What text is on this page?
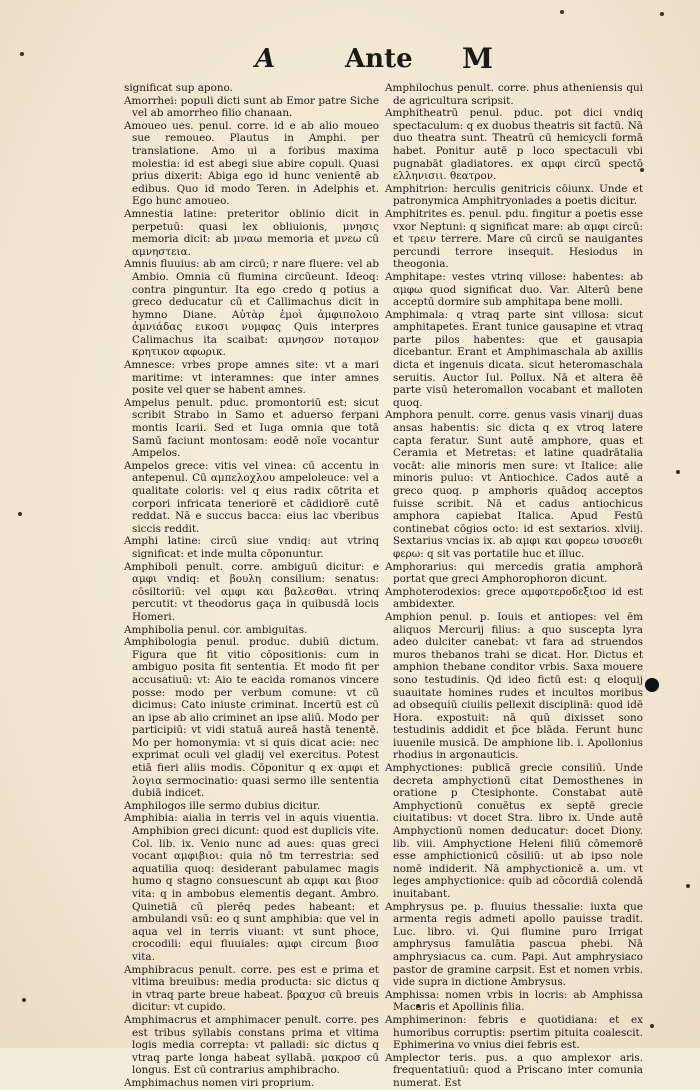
A	Ante M

significat sup apono.

Amorrhei: populi dicti sunt ab Emor patre Siche vel ab amorrheo filio chanaan.

Amoueo ues. penul. corre. id e ab alio moueo sue remoueo. Plautus in Amphi. per translatione. Amo ui a foribus maxima molestia: id est abegi siue abire copuli. Quasi prius dixerit: Abiga ego id hunc venientē ab edibus. Quo id modo Teren. in Adelphis et. Ego hunc amoueo.

Amnestia latine: preteritor oblinio dicit in perpetuū: quasi lex obliuionis, μνησις memoria dicit: ab μναω memoria et μνεω cū αμνηστεια.

Amnis fluuius: ab am circū; r nare fluere: vel ab Ambio. Omnia cū flumina circūeunt. Ideoq: contra pinguntur. Ita ego credo q potius a greco deducatur cū et Callimachus dicit in hymno Diane. Αὐτὰρ ἐμοὶ ἀμφιπολοιο ἀμνιάδας εικοσι νυμφας Quis interpres Calimachus ita scaibat: αμνησον ποταμον κρητικον αφωρικ.

Amnesce: vrbes prope amnes site: vt a mari maritime: vt interamnes: que inter amnes posite vel quer se habent amnes.

Ampelus penult. pduc. promontoriū est: sicut scribit Strabo in Samo et aduerso ferpani montis Icarii. Sed et Iuga omnia que totā Samū faciunt montosam: eodē noīe vocantur Ampelos.

Ampelos grece: vitis vel vinea: cū accentu in antepenul. Cū αμπελοχλου ampeloleuce: vel a qualitate coloris: vel q eius radix cōtrita et corpori infricata teneriorē et cādidiorē cutē reddat. Nā e succus bacca: eius lac vberibus siccis reddit.

Amphi latine: circū siue vndiq: aut vtrinq significat: et inde multa cōponuntur.

Amphiboli penult. corre. ambiguū dicitur: e αμφι vndiq: et βουλη consilium: senatus: cōsiltoriū: vel αμφι και βαλεσθαι. vtrinq percutit: vt theodorus gaça in quibusdā locis Homeri.

Amphibolia penul. cor. ambiguitas.

Amphibologia penul. produc. dubiū dictum. Figura que fit vitio cōpositionis: cum in ambiguo posita fit sententia. Et modo fit per accusatiuū: vt: Aio te eacida romanos vincere posse: modo per verbum comune: vt cū dicimus: Cato iniuste criminat. Incertū est cū an ipse ab alio criminet an ipse aliū. Modo per participiū: vt vidi statuā aureā hastā tenentē. Mo per homonymia: vt si quis dicat acie: nec exprimat oculi vel gladij vel exercitus. Potest etiā fieri aliis modis. Cōponitur q ex αμφι et λογια sermocinatio: quasi sermo ille sententia dubiā indicet.

Amphilogos ille sermo dubius dicitur.

Amphibia: aialia in terris vel in aquis viuentia. Amphibion greci dicunt: quod est duplicis vite. Col. lib. ix. Venio nunc ad aues: quas greci vocant αμφιβιοι: quia nō tm terrestria: sed aquatilia quoq: desiderant pabulamec magis humo q stagno consuescunt ab αμφι και βιοσ vita: q in ambobus elementis degant. Ambro. Quinetiā cū plerēq pedes habeant: et ambulandi vsū: eo q sunt amphibia: que vel in aqua vel in terris viuant: vt sunt phoce, crocodili: equi fluuiales: αμφι circum βιοσ vita.

Amphibracus penult. corre. pes est e prima et vltima breuibus: media producta: sic dictus q in vtraq parte breue habeat. βραχυσ cū breuis dicitur: vt cupido.

Amphimacrus et amphimacer penult. corre. pes est tribus syllabis constans prima et vltima logis media correpta: vt palladi: sic dictus q vtraq parte longa habeat syllabā. μακροσ cū longus. Est cū contrarius amphibracho.

Amphimachus nomen viri proprium.

Amphilochus penult. corre. phus atheniensis qui de agricultura scripsit.

Amphitheatrū penul. pduc. pot dici vndiq spectaculum: q ex duobus theatris sit factū. Nā duo theatra sunt. Theatrū cū hemicycli formā habet. Ponitur autē p loco spectaculi vbi pugnabāt gladiatores. ex αμφι circū spectō ελληνισιι. θεατρον.

Amphitrion: herculis genitricis cōiunx. Unde et patronymica Amphitryoniades a poetis dicitur.

Amphitrites es. penul. pdu. fingitur a poetis esse vxor Neptuni: q significat mare: ab αμφι circū: et τρειν terrere. Mare cū circū se nauigantes percundi terrore insequit. Hesiodus in theogonia.

Amphitape: vestes vtrinq villose: habentes: ab αμφω quod significat duo. Var. Alterū bene acceptū dormire sub amphitapa bene molli.

Amphimala: q vtraq parte sint villosa: sicut amphitapetes. Erant tunice gausapine et vtraq parte pilos habentes: que et gausapia dicebantur. Erant et Amphimaschala ab axillis dicta et ingenuis dicata. sicut heteromaschala seruitis. Auctor Iul. Pollux. Nā et altera ēē parte visū heteromallon vocabant et malloten quoq.

Amphora penult. corre. genus vasis vinarij duas ansas habentis: sic dicta q ex vtroq latere capta feratur. Sunt autē amphore, quas et Ceramia et Metretas: et latine quadrātalia vocāt: alie minoris men sure: vt Italice: alie minoris puluo: vt Antiochice. Cados autē a greco quoq. p amphoris quādoq acceptos fuisse scribit. Nā et cadus antiochicus amphora capiebat Italica. Apud Festū continebat cōgios octo: id est sextarios. xlviij. Sextarius vncias ix. ab αμφι και φορεω ισυσεθι φερω: q sit vas portatile huc et illuc.

Amphorarius: qui mercedis gratia amphorā portat que greci Amphorophoron dicunt.

Amphoterodexios: grece αμφοτεροδεξιοσ id est ambidexter.

Amphion penul. p. Iouis et antiopes: vel ēm aliquos Mercurij filius: a quo suscepta lyra adeo dulciter canebat: vt fara ad struendos muros thebanos trahi se dicat. Hor. Dictus et amphion thebane conditor vrbis. Saxa mouere sono testudinis. Qd ideo fictū est: q eloquij suauitate homines rudes et incultos moribus ad obsequiū ciuilis pellexit disciplinā: quod idē Hora. expostuit: nā quū dixisset sono testudinis addidit et p̄ce blāda. Ferunt hunc iuuenile musicā. De amphione lib. i. Apollonius rhodius in argonauticis.

Amphyctiones: publicā grecie consiliū. Unde decreta amphyctionū citat Demosthenes in oratione p Ctesiphonte. Constabat autē Amphyctionū conuētus ex septē grecie ciuitatibus: vt docet Stra. libro ix. Unde autē Amphyctionū nomen deducatur: docet Diony. lib. viii. Amphyctione Heleni filiū cōmemorē esse amphictionicū cōsiliū: ut ab ipso nole nomē indiderit. Nā amphyctionicē a. um. vt leges amphyctionice: quib ad cōcordiā colendā inuitabant.

Amphrysus pe. p. fluuius thessalie: iuxta que armenta regis admeti apollo pauisse tradit. Luc. libro. vi. Qui flumine puro Irrigat amphrysus famulātia pascua phebi. Nā amphrysiacus ca. cum. Papi. Aut amphrysiaco pastor de gramine carpsit. Est et nomen vrbis. vide supra in dictione Ambrysus.

Amphissa: nomen vrbis in locris: ab Amphissa Macaris et Apollinis filia.

Amphimerinon: febris e quotidiana: et ex humoribus corruptis: psertim pituita coalescit. Ephimerina vo vnius diei febris est.

Amplector teris. pus. a quo amplexor aris. frequentatiuū: quod a Priscano inter comunia numerat. Est
